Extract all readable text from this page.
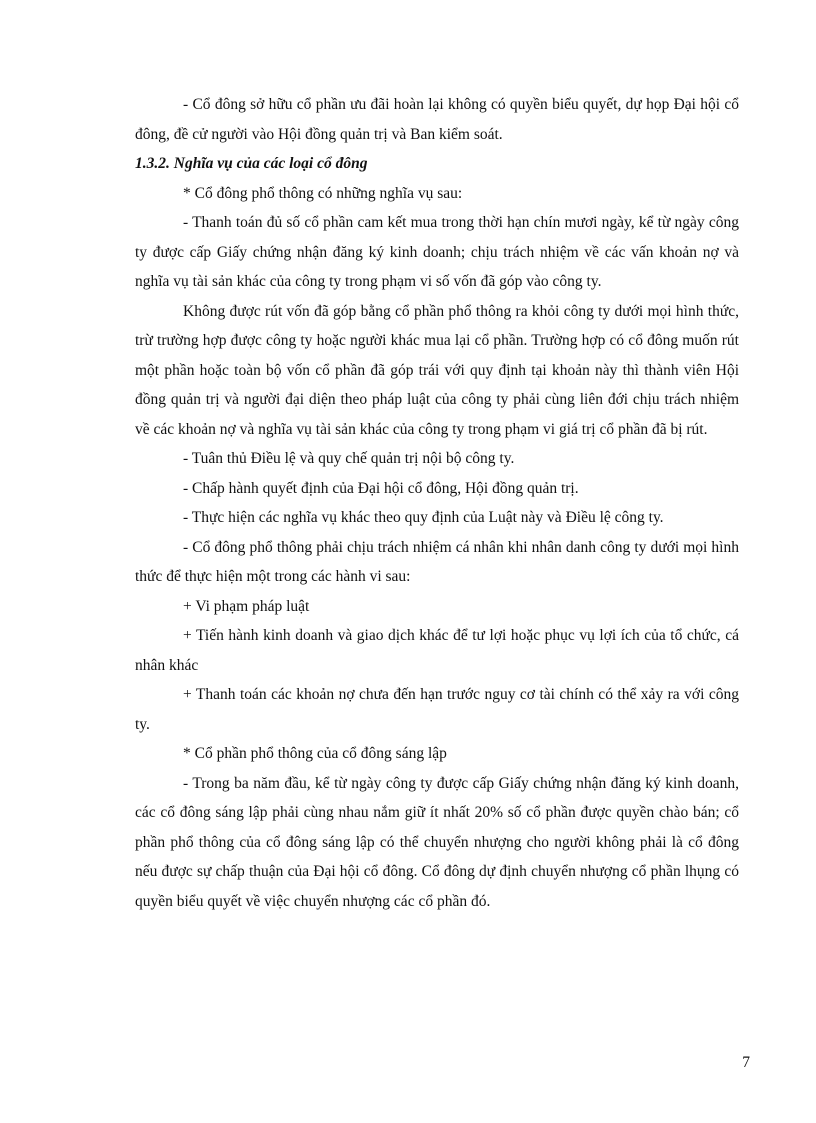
- Cổ đông sở hữu cổ phần ưu đãi hoàn lại không có quyền biểu quyết, dự họp Đại hội cổ đông, đề cử người vào Hội đồng quản trị và Ban kiểm soát.

1.3.2. Nghĩa vụ của các loại cổ đông

* Cổ đông phổ thông có những nghĩa vụ sau:

- Thanh toán đủ số cổ phần cam kết mua trong thời hạn chín mươi ngày, kể từ ngày công ty được cấp Giấy chứng nhận đăng ký kinh doanh; chịu trách nhiệm về các vấn khoản nợ và nghĩa vụ tài sản khác của công ty trong phạm vi số vốn đã góp vào công ty.

Không được rút vốn đã góp bằng cổ phần phổ thông ra khỏi công ty dưới mọi hình thức, trừ trường hợp được công ty hoặc người khác mua lại cổ phần. Trường hợp có cổ đông muốn rút một phần hoặc toàn bộ vốn cổ phần đã góp trái với quy định tại khoản này thì thành viên Hội đồng quản trị và người đại diện theo pháp luật của công ty phải cùng liên đới chịu trách nhiệm về các khoản nợ và nghĩa vụ tài sản khác của công ty trong phạm vi giá trị cổ phần đã bị rút.

- Tuân thủ Điều lệ và quy chế quản trị nội bộ công ty.

- Chấp hành quyết định của Đại hội cổ đông, Hội đồng quản trị.

- Thực hiện các nghĩa vụ khác theo quy định của Luật này và Điều lệ công ty.

- Cổ đông phổ thông phải chịu trách nhiệm cá nhân khi nhân danh công ty dưới mọi hình thức để thực hiện một trong các hành vi sau:

+ Vi phạm pháp luật

+ Tiến hành kinh doanh và giao dịch khác để tư lợi hoặc phục vụ lợi ích của tổ chức, cá nhân khác

+ Thanh toán các khoản nợ chưa đến hạn trước nguy cơ tài chính có thể xảy ra với công ty.

* Cổ phần phổ thông của cổ đông sáng lập

- Trong ba năm đầu, kể từ ngày công ty được cấp Giấy chứng nhận đăng ký kinh doanh, các cổ đông sáng lập phải cùng nhau nắm giữ ít nhất 20% số cổ phần được quyền chào bán; cổ phần phổ thông của cổ đông sáng lập có thể chuyển nhượng cho người không phải là cổ đông nếu được sự chấp thuận của Đại hội cổ đông. Cổ đông dự định chuyển nhượng cổ phần lhụng có quyền biểu quyết về việc chuyển nhượng các cổ phần đó.

7
